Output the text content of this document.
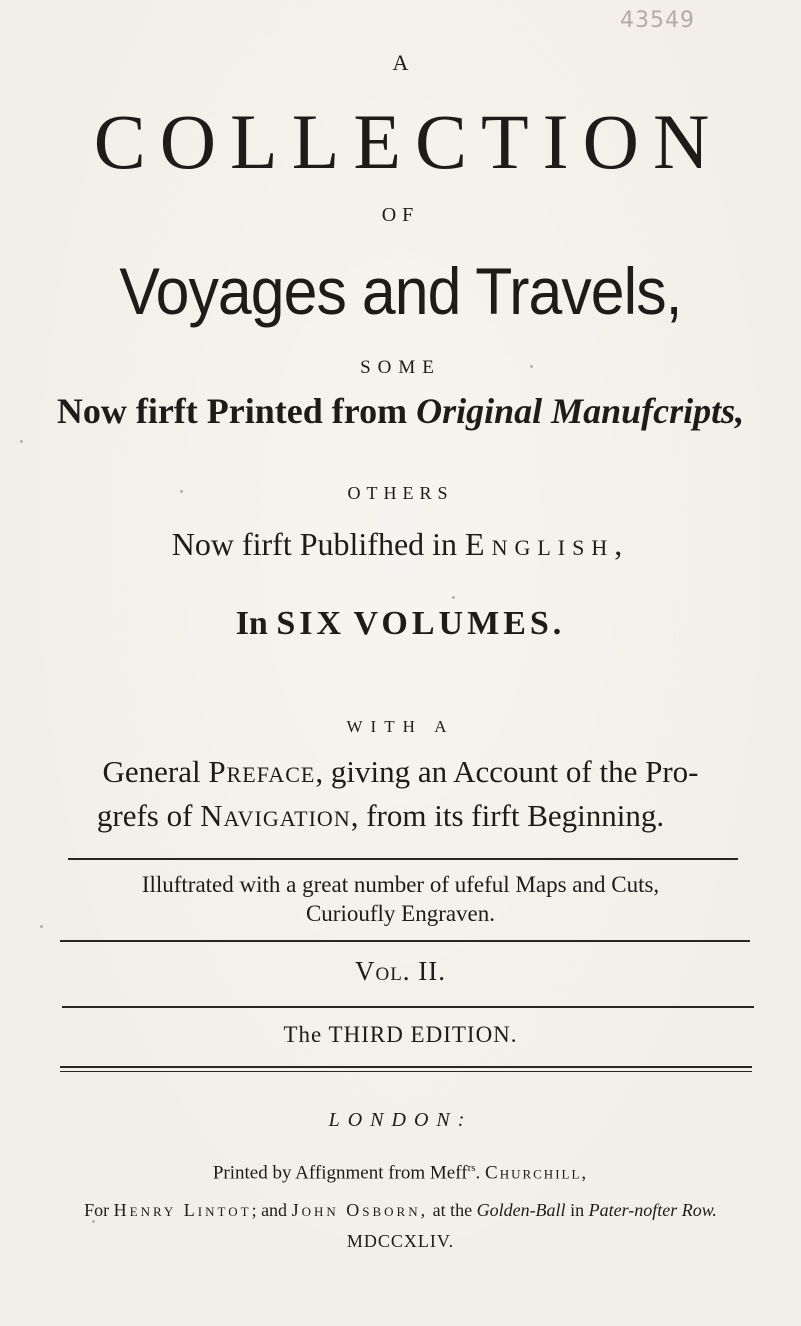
43549
A
COLLECTION
OF
Voyages and Travels,
SOME
Now firft Printed from Original Manufcripts,
OTHERS
Now firft Publifhed in English,
In SIX VOLUMES.
WITH A
General Preface, giving an Account of the Pro-
grefs of Navigation, from its firft Beginning.
Illuftrated with a great number of ufeful Maps and Cuts,
Curioufly Engraven.
Vol. II.
The THIRD EDITION.
LONDON:
Printed by Affignment from Meff$^{rs}$. Churchill,
For Henry Lintot; and John Osborn, at the Golden-Ball in Pater-nofter Row.
MDCCXLIV.
